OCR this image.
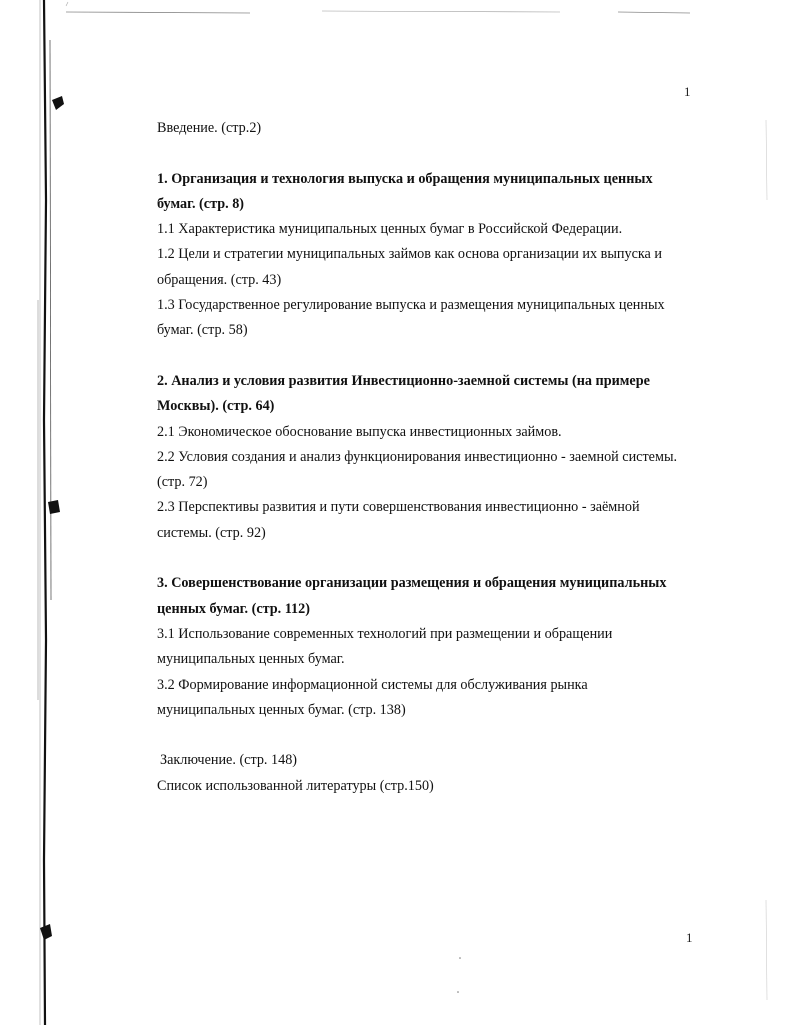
1

Введение. (стр.2)

1. Организация и технология выпуска и обращения муниципальных ценных

бумаг. (стр. 8)

1.1 Характеристика муниципальных ценных бумаг в Российской Федерации.

1.2 Цели и стратегии муниципальных займов как основа организации их выпуска и

обращения. (стр. 43)

1.3 Государственное регулирование выпуска и размещения муниципальных ценных

бумаг. (стр. 58)

2. Анализ и условия развития Инвестиционно-заемной системы (на примере

Москвы). (стр. 64)

2.1 Экономическое обоснование выпуска инвестиционных займов.

2.2 Условия создания и анализ функционирования инвестиционно - заемной системы.

(стр. 72)

2.3 Перспективы развития и пути совершенствования инвестиционно - заёмной

системы. (стр. 92)

3. Совершенствование организации размещения и обращения муниципальных

ценных бумаг. (стр. 112)

3.1 Использование современных технологий при размещении и обращении

муниципальных ценных бумаг.

3.2 Формирование информационной системы для обслуживания рынка

муниципальных ценных бумаг. (стр. 138)

Заключение. (стр. 148)

Список использованной литературы (стр.150)

1
